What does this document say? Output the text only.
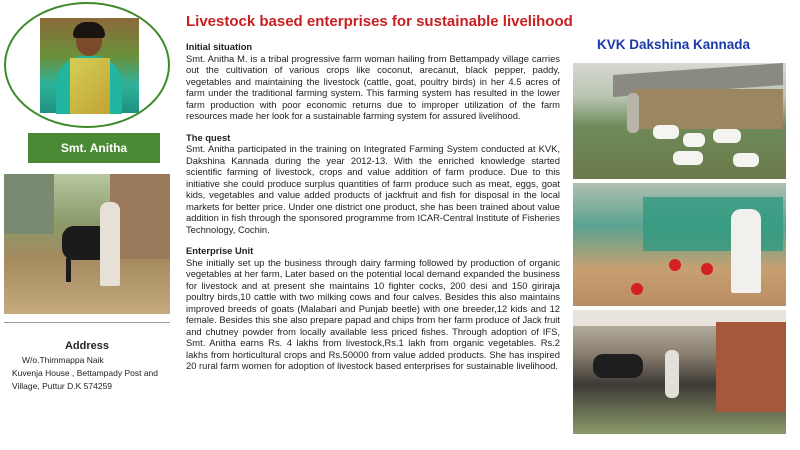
Smt. Anitha
Address
W/o.Thimmappa Naik
Kuvenja House , Bettampady Post and
Village, Puttur D.K 574259
Livestock based enterprises for sustainable livelihood
Initial situation

Smt. Anitha M. is a tribal progressive farm woman hailing from Bettampady village carries out the cultivation of various crops like coconut, arecanut, black pepper, paddy, vegetables and maintaining the livestock (cattle, goat, poultry birds) in her 4.5 acres of farm under the traditional farming system. This farming system has resulted in the lower farm production with poor economic returns due to improper utilization of the farm resources made her look for a sustainable farming system for assured livelihood.

The quest

Smt. Anitha participated in the training on Integrated Farming System conducted at KVK, Dakshina Kannada during the year 2012-13. With the enriched knowledge started scientific farming of livestock, crops and value addition of farm produce. Due to this initiative she could produce surplus quantities of farm produce such as meat, eggs, goat kids, vegetables and value added products of jackfruit and fish for disposal in the local markets for better price. Under one district one product, she has been trained about value addition in fish through the sponsored programme from ICAR-Central Institute of Fisheries Technology, Cochin.

Enterprise Unit

She initially set up the business through dairy farming followed by production of organic vegetables at her farm, Later based on the potential local demand expanded the business for livestock and at present she maintains 10 fighter cocks, 200 desi and 150 giriraja poultry birds,10 cattle with two milking cows and four calves. Besides this also maintains improved breeds of goats (Malabari and Punjab beetle) with one breeder,12 kids and 12 female. Besides this she also prepare papad and chips from her farm produce of Jack fruit and chutney powder from locally available less priced fishes. Through adoption of IFS, Smt. Anitha earns Rs. 4 lakhs from livestock,Rs.1 lakh from organic vegetables. Rs.2 lakhs from horticultural crops and Rs.50000 from value added products. She has inspired 20 rural farm women for adoption of livestock based enterprises for sustainable livelihood.

KVK Dakshina Kannada
